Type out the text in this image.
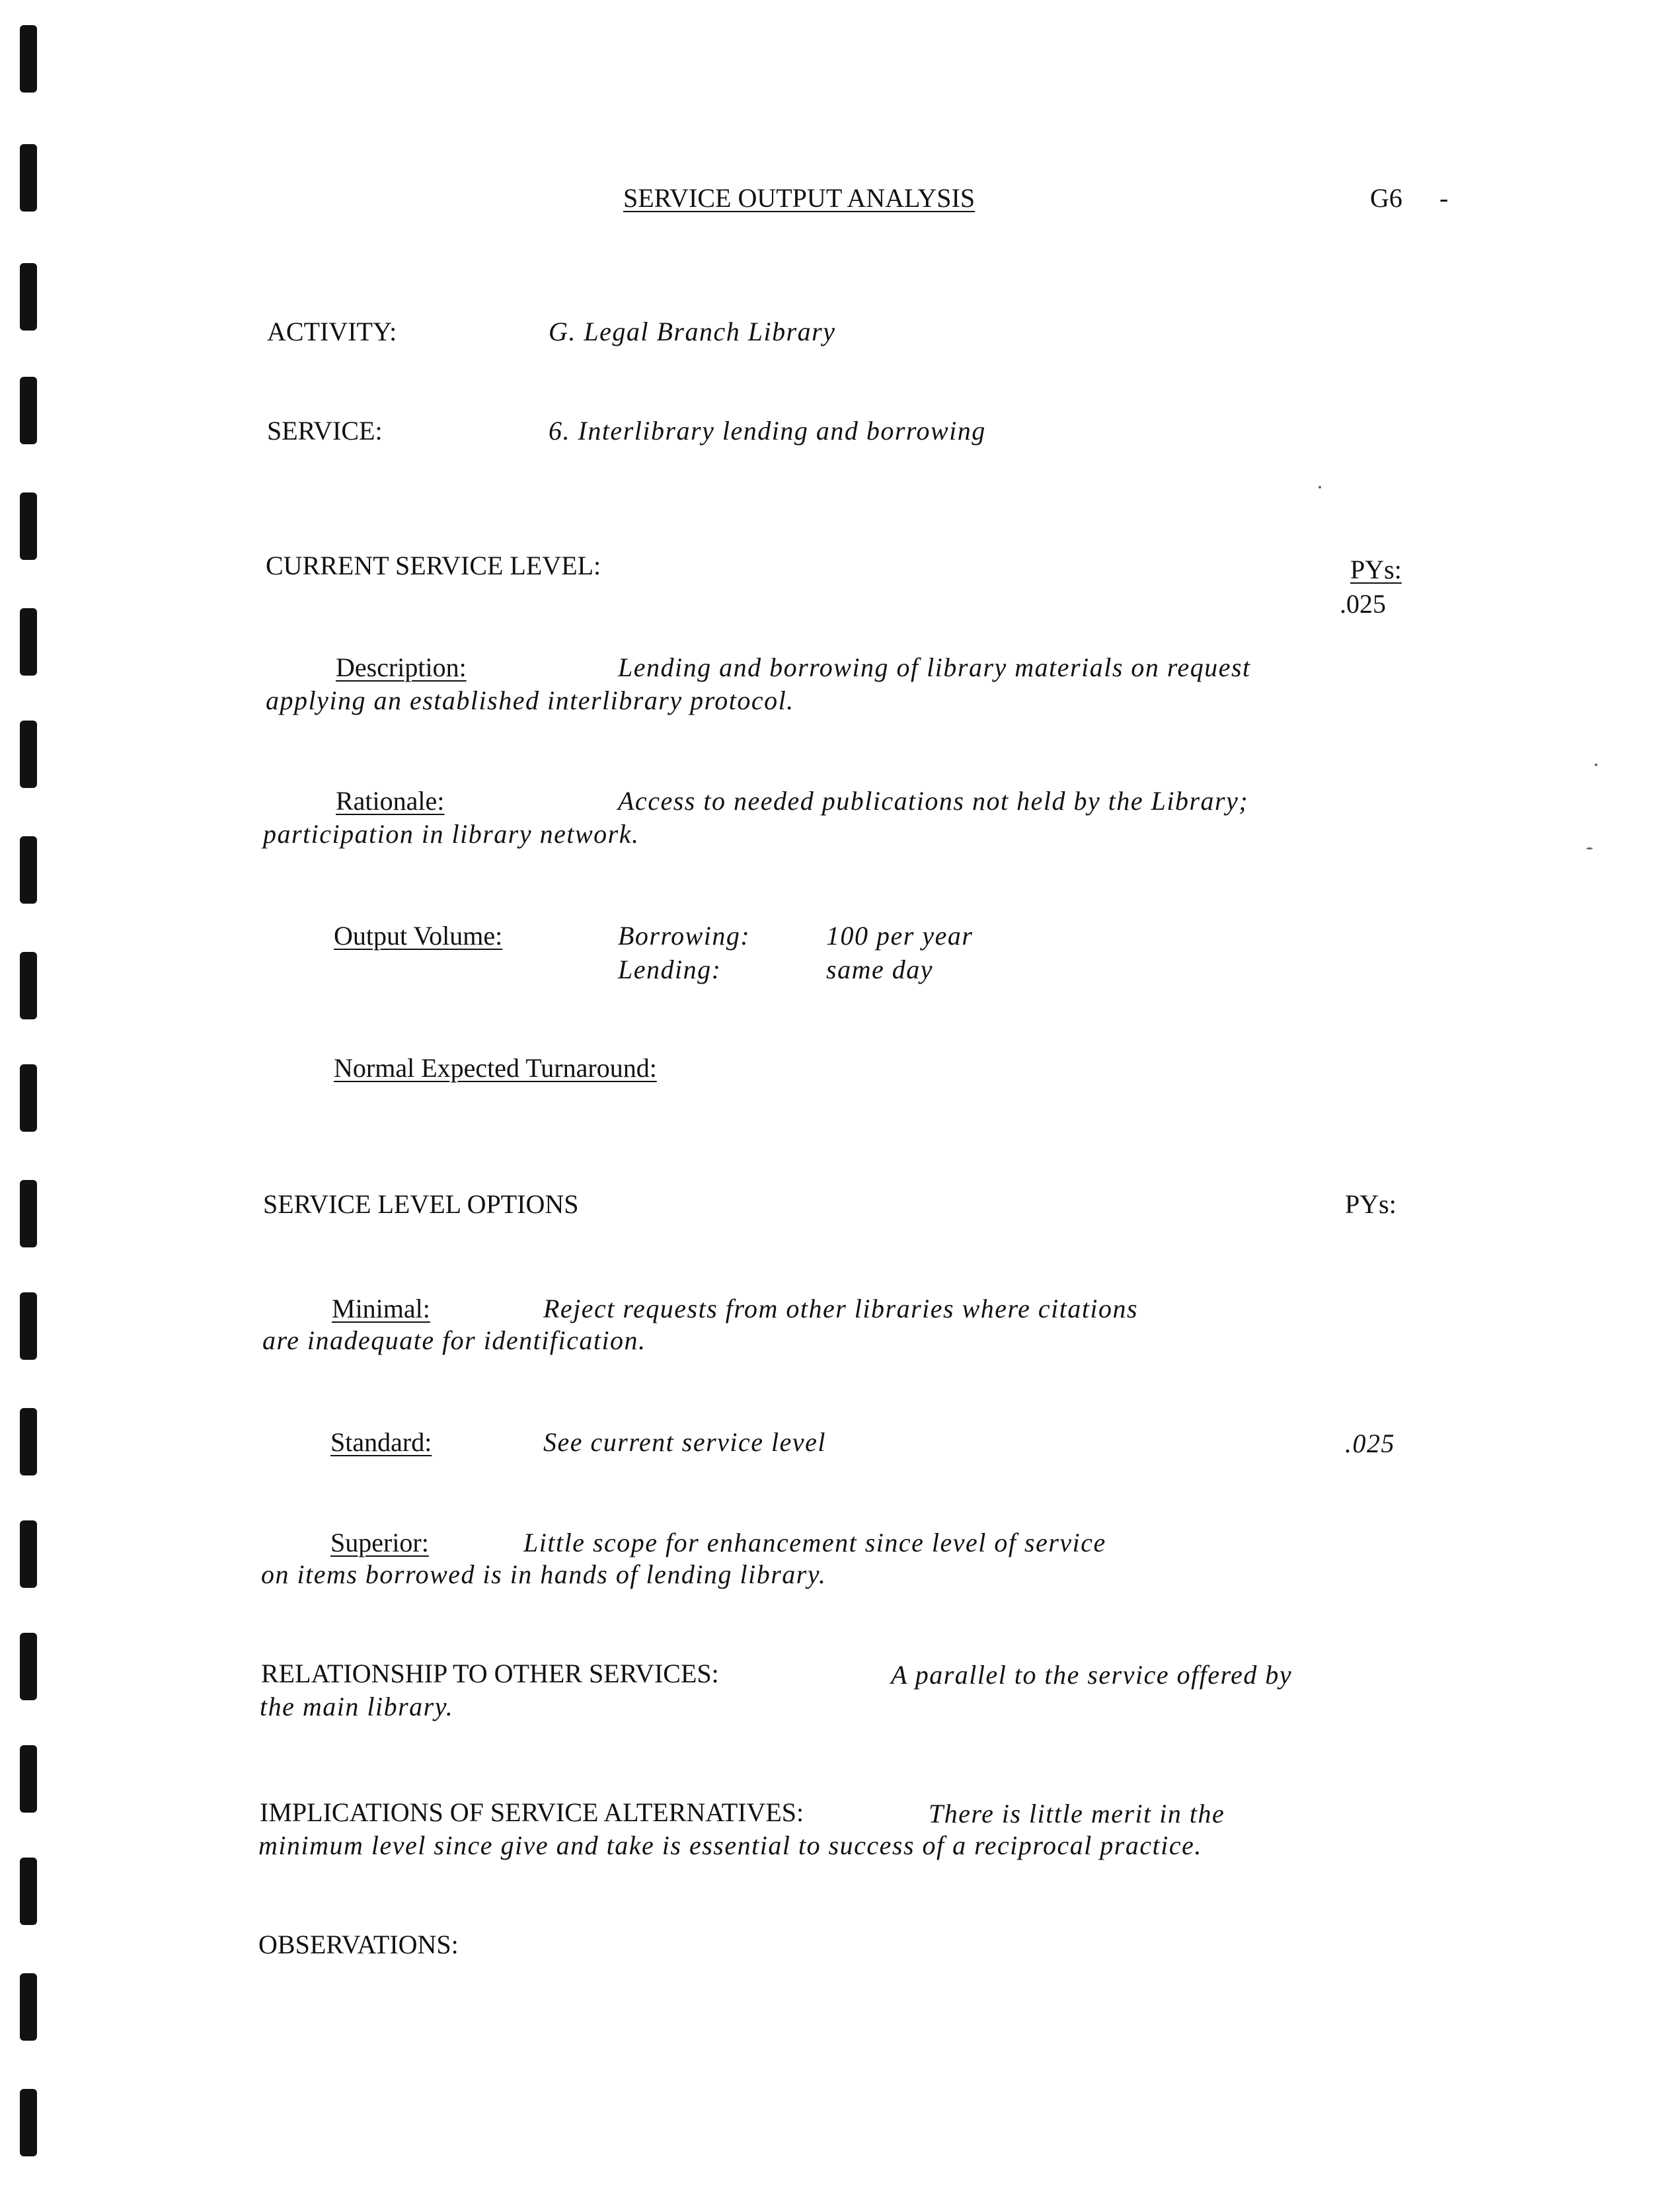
SERVICE OUTPUT ANALYSIS	G6 -
ACTIVITY:	G. Legal Branch Library
SERVICE:	6. Interlibrary lending and borrowing
CURRENT SERVICE LEVEL:	PYs:
.025
Description:	Lending and borrowing of library materials on request
applying an established interlibrary protocol.
Rationale:	Access to needed publications not held by the Library;
participation in library network.
Output Volume:	Borrowing:	100 per year
Lending:	same day
Normal Expected Turnaround:
SERVICE LEVEL OPTIONS	PYs:
Minimal:	Reject requests from other libraries where citations
are inadequate for identification.
Standard:	See current service level	.025
Superior:	Little scope for enhancement since level of service
on items borrowed is in hands of lending library.
RELATIONSHIP TO OTHER SERVICES:	A parallel to the service offered by
the main library.
IMPLICATIONS OF SERVICE ALTERNATIVES:	There is little merit in the
minimum level since give and take is essential to success of a reciprocal practice.
OBSERVATIONS:
